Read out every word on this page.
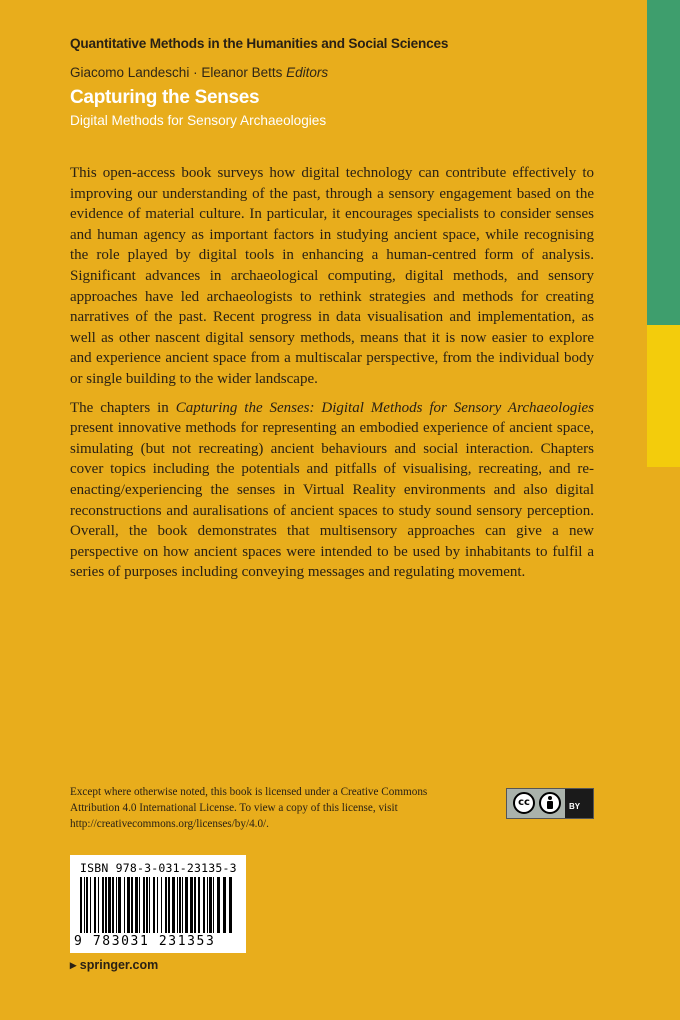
Quantitative Methods in the Humanities and Social Sciences
Giacomo Landeschi · Eleanor Betts Editors
Capturing the Senses
Digital Methods for Sensory Archaeologies

This open-access book surveys how digital technology can contribute effectively to improving our understanding of the past, through a sensory engagement based on the evidence of material culture. In particular, it encourages specialists to consider senses and human agency as important factors in studying ancient space, while recognising the role played by digital tools in enhancing a human-centred form of analysis. Significant advances in archaeological computing, digital methods, and sensory approaches have led archaeologists to rethink strategies and methods for creating narratives of the past. Recent progress in data visualisation and implementation, as well as other nascent digital sensory methods, means that it is now easier to explore and experience ancient space from a multiscalar perspective, from the individual body or single building to the wider landscape.

The chapters in Capturing the Senses: Digital Methods for Sensory Archaeologies present innovative methods for representing an embodied experience of ancient space, simulating (but not recreating) ancient behaviours and social interaction. Chapters cover topics including the potentials and pitfalls of visualising, recreating, and re-enacting/experiencing the senses in Virtual Reality environments and also digital reconstructions and auralisations of ancient spaces to study sound sensory perception. Overall, the book demonstrates that multisensory approaches can give a new perspective on how ancient spaces were intended to be used by inhabitants to fulfil a series of purposes including conveying messages and regulating movement.

Except where otherwise noted, this book is licensed under a Creative Commons Attribution 4.0 International License. To view a copy of this license, visit http://creativecommons.org/licenses/by/4.0/.
cc	BY
ISBN 978-3-031-23135-3
9 783031 231353
▸ springer.com
